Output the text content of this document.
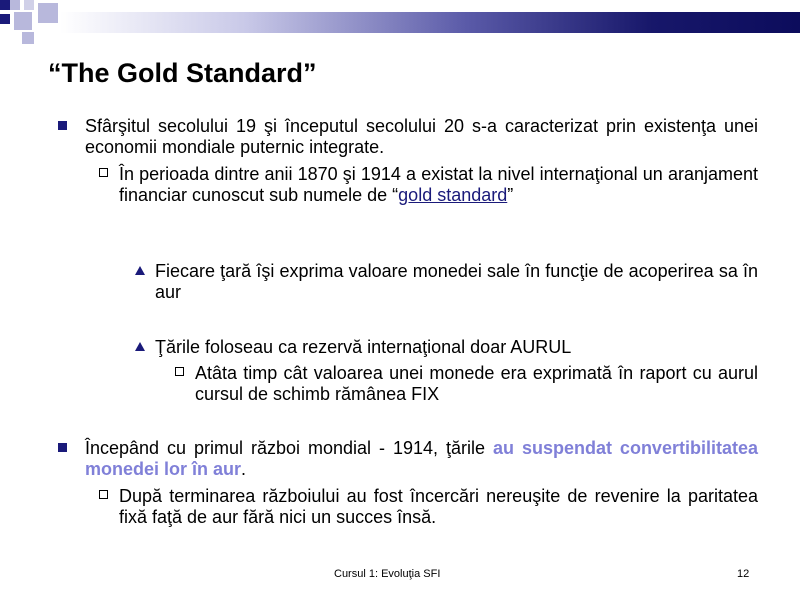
“The Gold Standard”
Sfârşitul secolului 19 şi începutul secolului 20 s-a caracterizat prin existenţa unei economii mondiale puternic integrate.
În perioada dintre anii 1870 şi 1914 a existat la nivel internaţional un aranjament financiar cunoscut sub numele de “gold standard”
Fiecare ţară îşi exprima valoare monedei sale în funcţie de acoperirea sa în aur
Ţările foloseau ca rezervă internaţional doar AURUL
Atâta timp cât valoarea unei monede era exprimată în raport cu aurul cursul de schimb rămânea FIX
Începând cu primul război mondial - 1914, ţările au suspendat convertibilitatea monedei lor în aur.
După terminarea războiului au fost încercări nereuşite de revenire la paritatea fixă faţă de aur fără nici un succes însă.
Cursul 1: Evoluţia SFI	12
